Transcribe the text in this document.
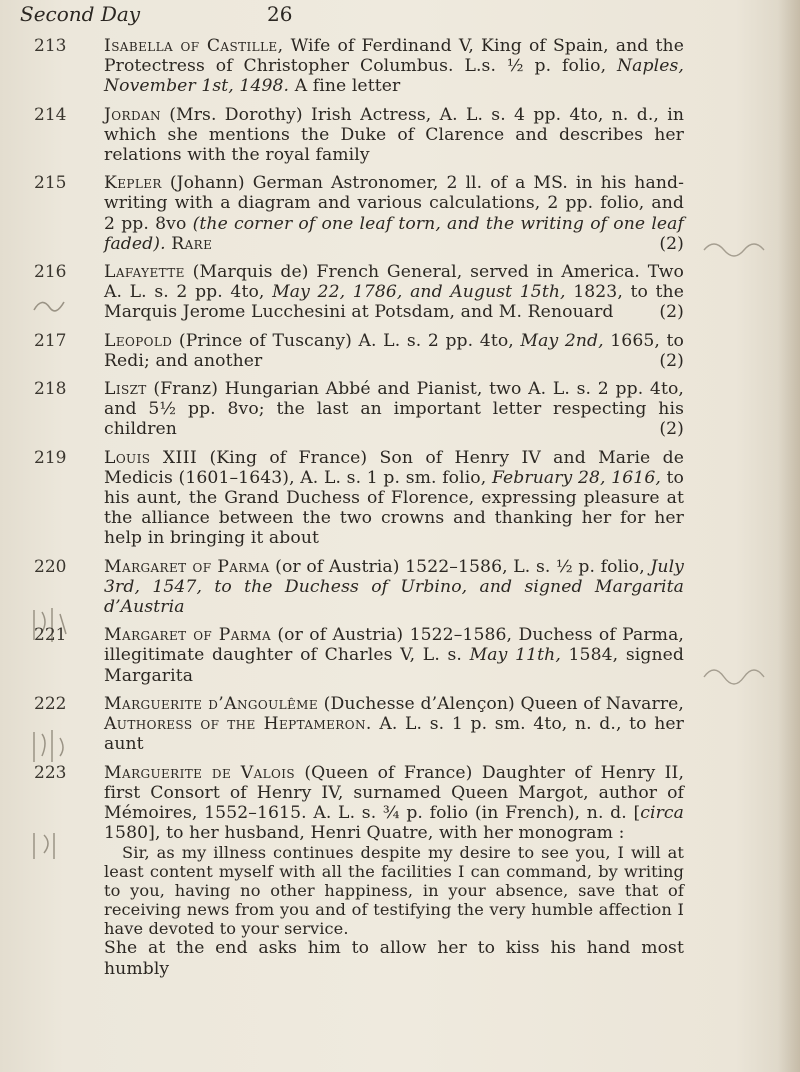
Second Day	26
213	Isabella of Castille, Wife of Ferdinand V, King of Spain, and the Protectress of Christopher Columbus. L.s. ½ p. folio, Naples, November 1st, 1498. A fine letter

214	Jordan (Mrs. Dorothy) Irish Actress, A. L. s. 4 pp. 4to, n. d., in which she mentions the Duke of Clarence and describes her relations with the royal family

215	Kepler (Johann) German Astronomer, 2 ll. of a MS. in his hand-writing with a diagram and various calculations, 2 pp. folio, and 2 pp. 8vo (the corner of one leaf torn, and the writing of one leaf faded). Rare	(2)

216	Lafayette (Marquis de) French General, served in America. Two A. L. s. 2 pp. 4to, May 22, 1786, and August 15th, 1823, to the Marquis Jerome Lucchesini at Potsdam, and M. Renouard	(2)

217	Leopold (Prince of Tuscany) A. L. s. 2 pp. 4to, May 2nd, 1665, to Redi; and another	(2)

218	Liszt (Franz) Hungarian Abbé and Pianist, two A. L. s. 2 pp. 4to, and 5½ pp. 8vo; the last an important letter respecting his children	(2)

219	Louis XIII (King of France) Son of Henry IV and Marie de Medicis (1601–1643), A. L. s. 1 p. sm. folio, February 28, 1616, to his aunt, the Grand Duchess of Florence, expressing pleasure at the alliance between the two crowns and thanking her for her help in bringing it about

220	Margaret of Parma (or of Austria) 1522–1586, L. s. ½ p. folio, July 3rd, 1547, to the Duchess of Urbino, and signed Margarita d’Austria

221	Margaret of Parma (or of Austria) 1522–1586, Duchess of Parma, illegitimate daughter of Charles V, L. s. May 11th, 1584, signed Margarita

222	Marguerite d’Angoulême (Duchesse d’Alençon) Queen of Navarre, Authoress of the Heptameron. A. L. s. 1 p. sm. 4to, n. d., to her aunt

223	Marguerite de Valois (Queen of France) Daughter of Henry II, first Consort of Henry IV, surnamed Queen Margot, author of Mémoires, 1552–1615. A. L. s. ¾ p. folio (in French), n. d. [circa 1580], to her husband, Henri Quatre, with her monogram :

Sir, as my illness continues despite my desire to see you, I will at least content myself with all the facilities I can command, by writing to you, having no other happiness, in your absence, save that of receiving news from you and of testifying the very humble affection I have devoted to your service.

She at the end asks him to allow her to kiss his hand most humbly
